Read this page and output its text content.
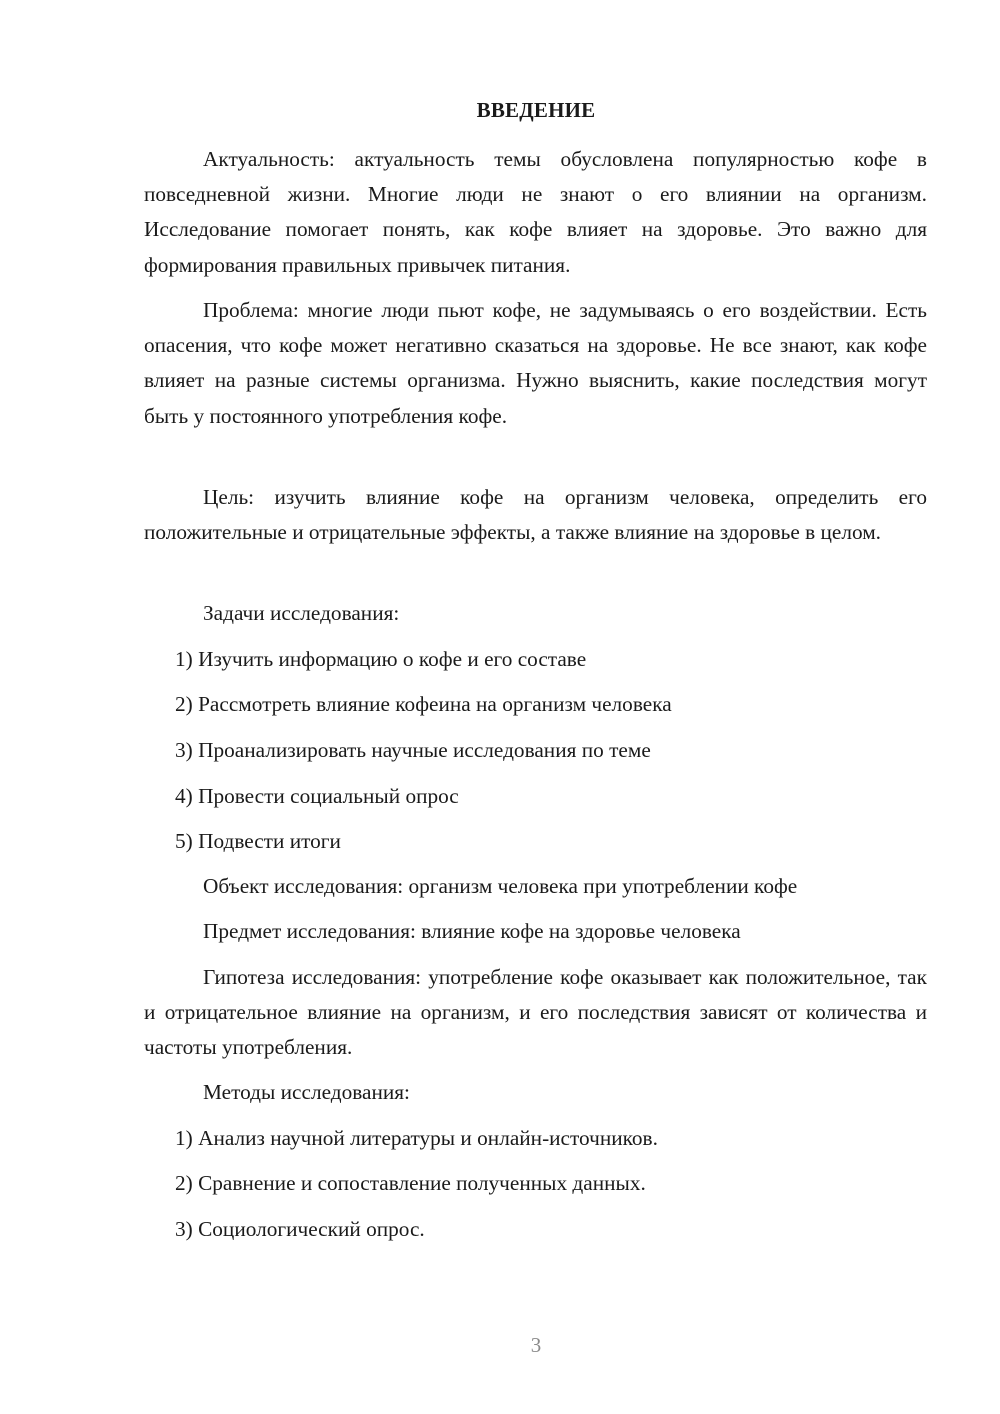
ВВЕДЕНИЕ

Актуальность: актуальность темы обусловлена популярностью кофе в повседневной жизни. Многие люди не знают о его влиянии на организм. Исследование помогает понять, как кофе влияет на здоровье. Это важно для формирования правильных привычек питания.

Проблема: многие люди пьют кофе, не задумываясь о его воздействии. Есть опасения, что кофе может негативно сказаться на здоровье. Не все знают, как кофе влияет на разные системы организма. Нужно выяснить, какие последствия могут быть у постоянного употребления кофе.

Цель: изучить влияние кофе на организм человека, определить его положительные и отрицательные эффекты, а также влияние на здоровье в целом.

Задачи исследования:
1) Изучить информацию о кофе и его составе
2) Рассмотреть влияние кофеина на организм человека
3) Проанализировать научные исследования по теме
4) Провести социальный опрос
5) Подвести итоги
Объект исследования: организм человека при употреблении кофе
Предмет исследования: влияние кофе на здоровье человека

Гипотеза исследования: употребление кофе оказывает как положительное, так и отрицательное влияние на организм, и его последствия зависят от количества и частоты употребления.

Методы исследования:
1) Анализ научной литературы и онлайн-источников.
2) Сравнение и сопоставление полученных данных.
3) Социологический опрос.
3
